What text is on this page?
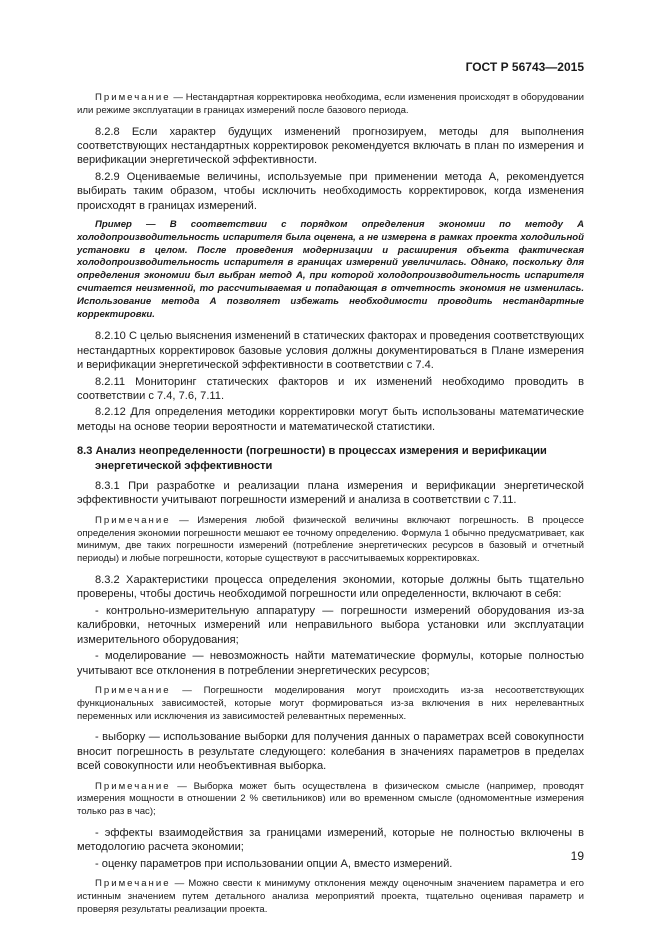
ГОСТ Р 56743—2015

Примечание — Нестандартная корректировка необходима, если изменения происходят в оборудовании или режиме эксплуатации в границах измерений после базового периода.

8.2.8 Если характер будущих изменений прогнозируем, методы для выполнения соответствующих нестандартных корректировок рекомендуется включать в план по измерения и верификации энергетической эффективности.

8.2.9 Оцениваемые величины, используемые при применении метода А, рекомендуется выбирать таким образом, чтобы исключить необходимость корректировок, когда изменения происходят в границах измерений.

Пример — В соответствии с порядком определения экономии по методу А холодопроизводительность испарителя была оценена, а не измерена в рамках проекта холодильной установки в целом. После проведения модернизации и расширения объекта фактическая холодопроизводительность испарителя в границах измерений увеличилась. Однако, поскольку для определения экономии был выбран метод А, при которой холодопроизводительность испарителя считается неизменной, то рассчитываемая и попадающая в отчетность экономия не изменилась. Использование метода А позволяет избежать необходимости проводить нестандартные корректировки.

8.2.10 С целью выяснения изменений в статических факторах и проведения соответствующих нестандартных корректировок базовые условия должны документироваться в Плане измерения и верификации энергетической эффективности в соответствии с 7.4.

8.2.11 Мониторинг статических факторов и их изменений необходимо проводить в соответствии с 7.4, 7.6, 7.11.

8.2.12 Для определения методики корректировки могут быть использованы математические методы на основе теории вероятности и математической статистики.

8.3 Анализ неопределенности (погрешности) в процессах измерения и верификации энергетической эффективности

8.3.1 При разработке и реализации плана измерения и верификации энергетической эффективности учитывают погрешности измерений и анализа в соответствии с 7.11.

Примечание — Измерения любой физической величины включают погрешность. В процессе определения экономии погрешности мешают ее точному определению. Формула 1 обычно предусматривает, как минимум, две таких погрешности измерений (потребление энергетических ресурсов в базовый и отчетный периоды) и любые погрешности, которые существуют в рассчитываемых корректировках.

8.3.2 Характеристики процесса определения экономии, которые должны быть тщательно проверены, чтобы достичь необходимой погрешности или определенности, включают в себя:

- контрольно-измерительную аппаратуру — погрешности измерений оборудования из-за калибровки, неточных измерений или неправильного выбора установки или эксплуатации измерительного оборудования;

- моделирование — невозможность найти математические формулы, которые полностью учитывают все отклонения в потреблении энергетических ресурсов;

Примечание — Погрешности моделирования могут происходить из-за несоответствующих функциональных зависимостей, которые могут формироваться из-за включения в них нерелевантных переменных или исключения из зависимостей релевантных переменных.

- выборку — использование выборки для получения данных о параметрах всей совокупности вносит погрешность в результате следующего: колебания в значениях параметров в пределах всей совокупности или необъективная выборка.

Примечание — Выборка может быть осуществлена в физическом смысле (например, проводят измерения мощности в отношении 2 % светильников) или во временном смысле (одномоментные измерения только раз в час);

- эффекты взаимодействия за границами измерений, которые не полностью включены в методологию расчета экономии;

- оценку параметров при использовании опции А, вместо измерений.

Примечание — Можно свести к минимуму отклонения между оценочным значением параметра и его истинным значением путем детального анализа мероприятий проекта, тщательно оценивая параметр и проверяя результаты реализации проекта.

19
